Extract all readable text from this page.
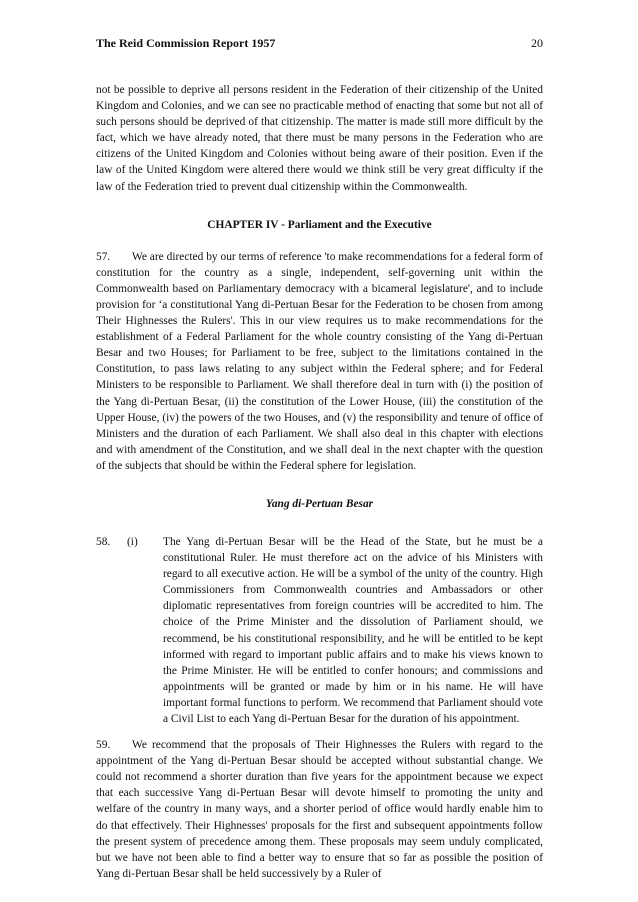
The Reid Commission Report 1957	20

not be possible to deprive all persons resident in the Federation of their citizenship of the United Kingdom and Colonies, and we can see no practicable method of enacting that some but not all of such persons should be deprived of that citizenship. The matter is made still more difficult by the fact, which we have already noted, that there must be many persons in the Federation who are citizens of the United Kingdom and Colonies without being aware of their position. Even if the law of the United Kingdom were altered there would we think still be very great difficulty if the law of the Federation tried to prevent dual citizenship within the Commonwealth.

CHAPTER IV - Parliament and the Executive

57. We are directed by our terms of reference 'to make recommendations for a federal form of constitution for the country as a single, independent, self-governing unit within the Commonwealth based on Parliamentary democracy with a bicameral legislature', and to include provision for ‘a constitutional Yang di-Pertuan Besar for the Federation to be chosen from among Their Highnesses the Rulers'. This in our view requires us to make recommendations for the establishment of a Federal Parliament for the whole country consisting of the Yang di-Pertuan Besar and two Houses; for Parliament to be free, subject to the limitations contained in the Constitution, to pass laws relating to any subject within the Federal sphere; and for Federal Ministers to be responsible to Parliament. We shall therefore deal in turn with (i) the position of the Yang di-Pertuan Besar, (ii) the constitution of the Lower House, (iii) the constitution of the Upper House, (iv) the powers of the two Houses, and (v) the responsibility and tenure of office of Ministers and the duration of each Parliament. We shall also deal in this chapter with elections and with amendment of the Constitution, and we shall deal in the next chapter with the question of the subjects that should be within the Federal sphere for legislation.

Yang di-Pertuan Besar
58.	(i)	The Yang di-Pertuan Besar will be the Head of the State, but he must be a constitutional Ruler. He must therefore act on the advice of his Ministers with regard to all executive action. He will be a symbol of the unity of the country. High Commissioners from Commonwealth countries and Ambassadors or other diplomatic representatives from foreign countries will be accredited to him. The choice of the Prime Minister and the dissolution of Parliament should, we recommend, be his constitutional responsibility, and he will be entitled to be kept informed with regard to important public affairs and to make his views known to the Prime Minister. He will be entitled to confer honours; and commissions and appointments will be granted or made by him or in his name. He will have important formal functions to perform. We recommend that Parliament should vote a Civil List to each Yang di-Pertuan Besar for the duration of his appointment.

59. We recommend that the proposals of Their Highnesses the Rulers with regard to the appointment of the Yang di-Pertuan Besar should be accepted without substantial change. We could not recommend a shorter duration than five years for the appointment because we expect that each successive Yang di-Pertuan Besar will devote himself to promoting the unity and welfare of the country in many ways, and a shorter period of office would hardly enable him to do that effectively. Their Highnesses' proposals for the first and subsequent appointments follow the present system of precedence among them. These proposals may seem unduly complicated, but we have not been able to find a better way to ensure that so far as possible the position of Yang di-Pertuan Besar shall be held successively by a Ruler of
